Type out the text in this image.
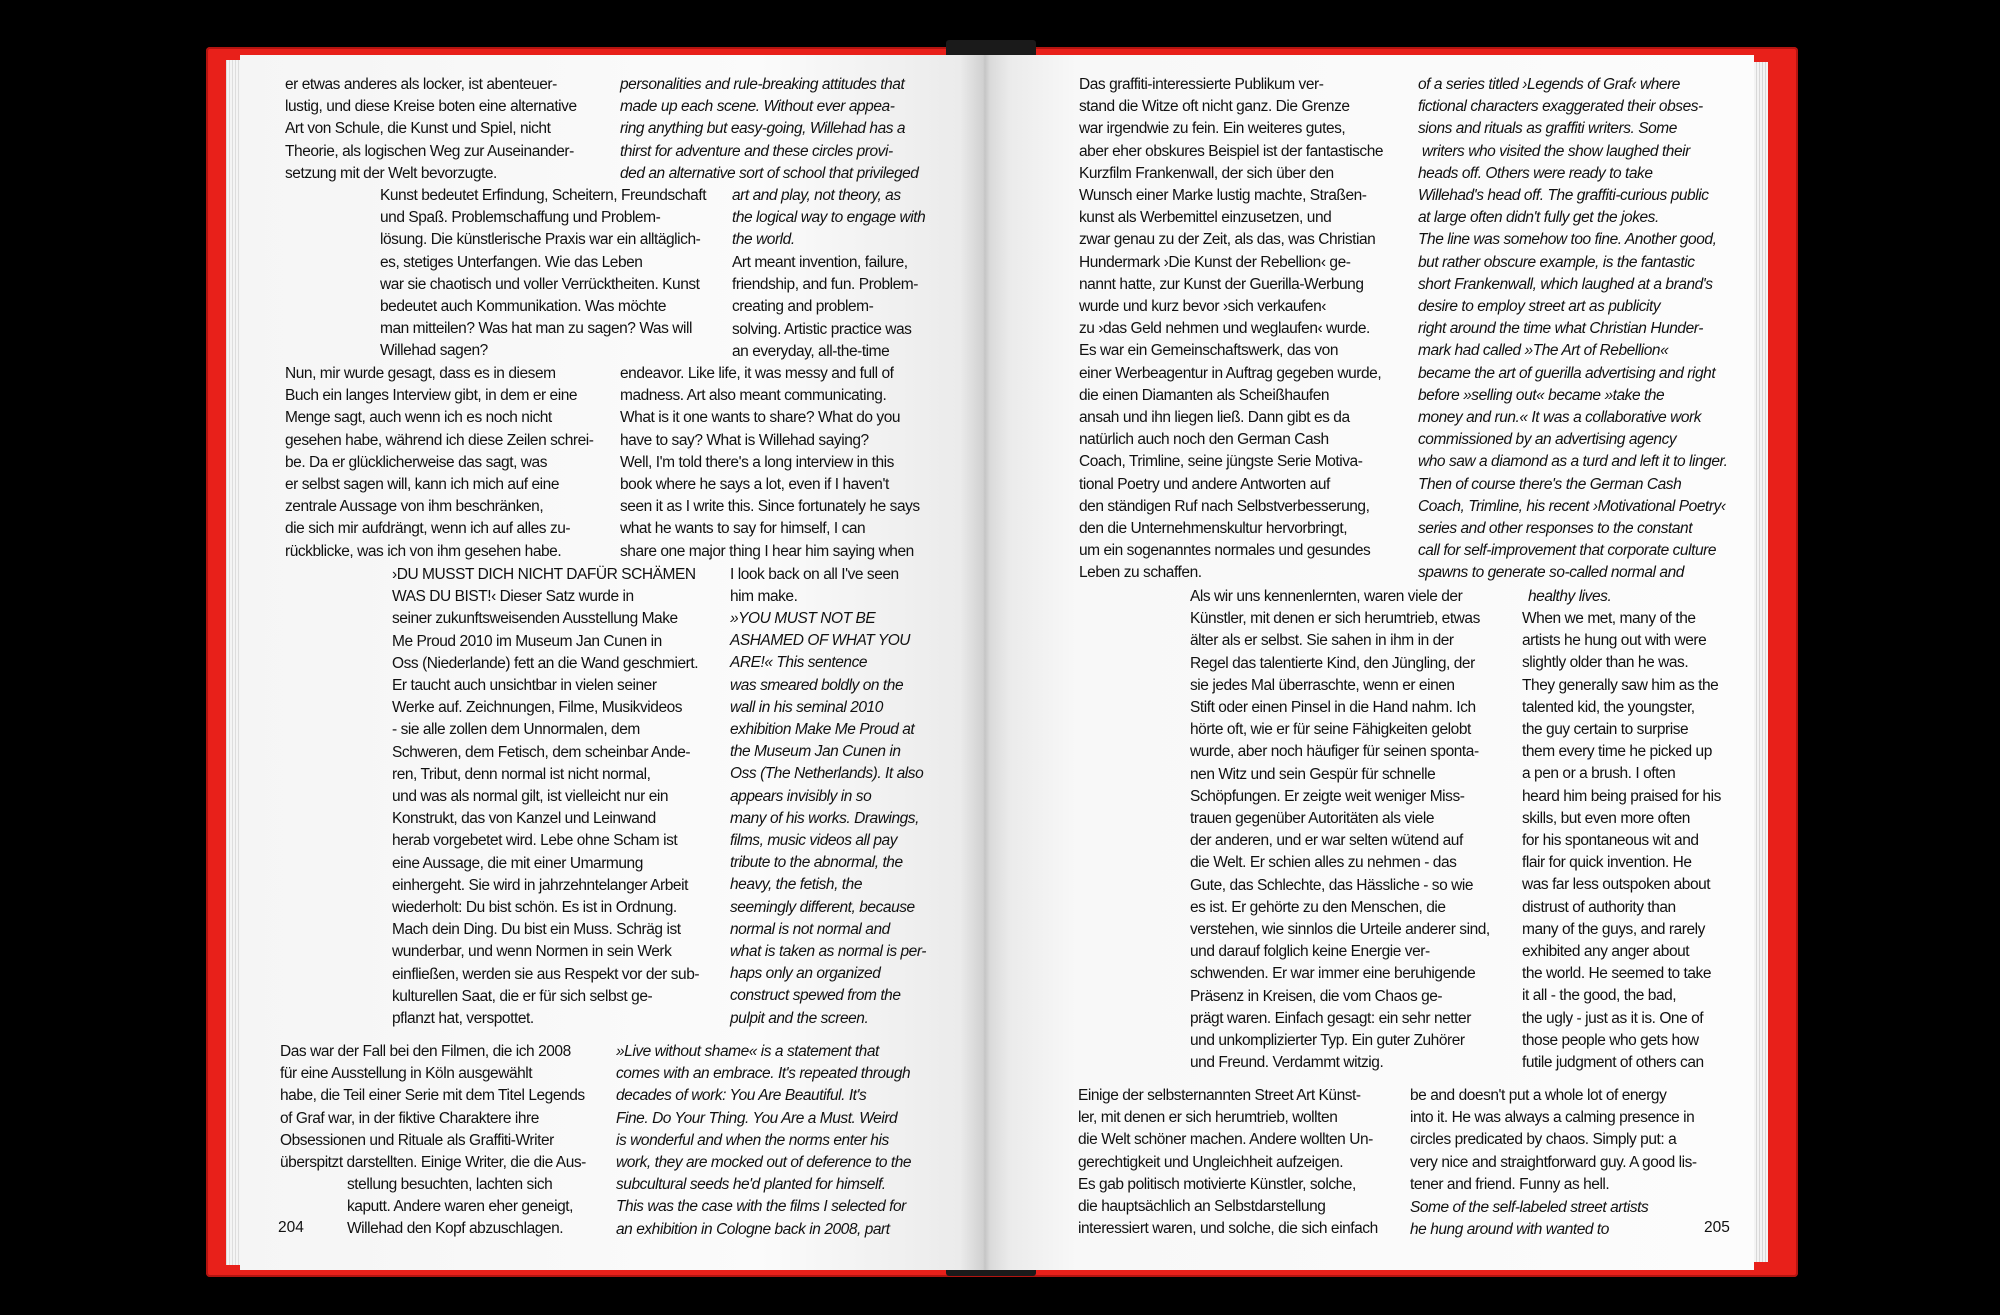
er etwas anderes als locker, ist abenteuer-
lustig, und diese Kreise boten eine alternative
Art von Schule, die Kunst und Spiel, nicht
Theorie, als logischen Weg zur Auseinander-
setzung mit der Welt bevorzugte.

Kunst bedeutet Erfindung, Scheitern, Freundschaft
und Spaß. Problemschaffung und Problem-
lösung. Die künstlerische Praxis war ein alltäglich-
es, stetiges Unterfangen. Wie das Leben
war sie chaotisch und voller Verrücktheiten. Kunst
bedeutet auch Kommunikation. Was möchte
man mitteilen? Was hat man zu sagen? Was will
Willehad sagen?

Nun, mir wurde gesagt, dass es in diesem
Buch ein langes Interview gibt, in dem er eine
Menge sagt, auch wenn ich es noch nicht
gesehen habe, während ich diese Zeilen schrei-
be. Da er glücklicherweise das sagt, was
er selbst sagen will, kann ich mich auf eine
zentrale Aussage von ihm beschränken,
die sich mir aufdrängt, wenn ich auf alles zu-
rückblicke, was ich von ihm gesehen habe.

›DU MUSST DICH NICHT DAFÜR SCHÄMEN
WAS DU BIST!‹ Dieser Satz wurde in
seiner zukunftsweisenden Ausstellung Make
Me Proud 2010 im Museum Jan Cunen in
Oss (Niederlande) fett an die Wand geschmiert.
Er taucht auch unsichtbar in vielen seiner
Werke auf. Zeichnungen, Filme, Musikvideos
- sie alle zollen dem Unnormalen, dem
Schweren, dem Fetisch, dem scheinbar Ande-
ren, Tribut, denn normal ist nicht normal,
und was als normal gilt, ist vielleicht nur ein
Konstrukt, das von Kanzel und Leinwand
herab vorgebetet wird. Lebe ohne Scham ist
eine Aussage, die mit einer Umarmung
einhergeht. Sie wird in jahrzehntelanger Arbeit
wiederholt: Du bist schön. Es ist in Ordnung.
Mach dein Ding. Du bist ein Muss. Schräg ist
wunderbar, und wenn Normen in sein Werk
einfließen, werden sie aus Respekt vor der sub-
kulturellen Saat, die er für sich selbst ge-
pflanzt hat, verspottet.

Das war der Fall bei den Filmen, die ich 2008
für eine Ausstellung in Köln ausgewählt
habe, die Teil einer Serie mit dem Titel Legends
of Graf war, in der fiktive Charaktere ihre
Obsessionen und Rituale als Graffiti-Writer
überspitzt darstellten. Einige Writer, die die Aus-

stellung besuchten, lachten sich
kaputt. Andere waren eher geneigt,
Willehad den Kopf abzuschlagen.

personalities and rule-breaking attitudes that
made up each scene. Without ever appea-
ring anything but easy-going, Willehad has a
thirst for adventure and these circles provi-
ded an alternative sort of school that privileged

art and play, not theory, as
the logical way to engage with
the world.

Art meant invention, failure,
friendship, and fun. Problem-
creating and problem-
solving. Artistic practice was
an everyday, all-the-time

endeavor. Like life, it was messy and full of
madness. Art also meant communicating.
What is it one wants to share? What do you
have to say? What is Willehad saying?
Well, I'm told there's a long interview in this
book where he says a lot, even if I haven't
seen it as I write this. Since fortunately he says
what he wants to say for himself, I can
share one major thing I hear him saying when

I look back on all I've seen
him make.

»YOU MUST NOT BE
ASHAMED OF WHAT YOU
ARE!« This sentence
was smeared boldly on the
wall in his seminal 2010
exhibition Make Me Proud at
the Museum Jan Cunen in
Oss (The Netherlands). It also
appears invisibly in so
many of his works. Drawings,
films, music videos all pay
tribute to the abnormal, the
heavy, the fetish, the
seemingly different, because
normal is not normal and
what is taken as normal is per-
haps only an organized
construct spewed from the
pulpit and the screen.

»Live without shame« is a statement that
comes with an embrace. It's repeated through
decades of work: You Are Beautiful. It's
Fine. Do Your Thing. You Are a Must. Weird
is wonderful and when the norms enter his
work, they are mocked out of deference to the
subcultural seeds he'd planted for himself.
This was the case with the films I selected for
an exhibition in Cologne back in 2008, part

204

Das graffiti-interessierte Publikum ver-
stand die Witze oft nicht ganz. Die Grenze
war irgendwie zu fein. Ein weiteres gutes,
aber eher obskures Beispiel ist der fantastische
Kurzfilm Frankenwall, der sich über den
Wunsch einer Marke lustig machte, Straßen-
kunst als Werbemittel einzusetzen, und
zwar genau zu der Zeit, als das, was Christian
Hundermark ›Die Kunst der Rebellion‹ ge-
nannt hatte, zur Kunst der Guerilla-Werbung
wurde und kurz bevor ›sich verkaufen‹
zu ›das Geld nehmen und weglaufen‹ wurde.
Es war ein Gemeinschaftswerk, das von
einer Werbeagentur in Auftrag gegeben wurde,
die einen Diamanten als Scheißhaufen
ansah und ihn liegen ließ. Dann gibt es da
natürlich auch noch den German Cash
Coach, Trimline, seine jüngste Serie Motiva-
tional Poetry und andere Antworten auf
den ständigen Ruf nach Selbstverbesserung,
den die Unternehmenskultur hervorbringt,
um ein sogenanntes normales und gesundes
Leben zu schaffen.

Als wir uns kennenlernten, waren viele der
Künstler, mit denen er sich herumtrieb, etwas
älter als er selbst. Sie sahen in ihm in der
Regel das talentierte Kind, den Jüngling, der
sie jedes Mal überraschte, wenn er einen
Stift oder einen Pinsel in die Hand nahm. Ich
hörte oft, wie er für seine Fähigkeiten gelobt
wurde, aber noch häufiger für seinen sponta-
nen Witz und sein Gespür für schnelle
Schöpfungen. Er zeigte weit weniger Miss-
trauen gegenüber Autoritäten als viele
der anderen, und er war selten wütend auf
die Welt. Er schien alles zu nehmen - das
Gute, das Schlechte, das Hässliche - so wie
es ist. Er gehörte zu den Menschen, die
verstehen, wie sinnlos die Urteile anderer sind,
und darauf folglich keine Energie ver-
schwenden. Er war immer eine beruhigende
Präsenz in Kreisen, die vom Chaos ge-
prägt waren. Einfach gesagt: ein sehr netter
und unkomplizierter Typ. Ein guter Zuhörer
und Freund. Verdammt witzig.

Einige der selbsternannten Street Art Künst-
ler, mit denen er sich herumtrieb, wollten
die Welt schöner machen. Andere wollten Un-
gerechtigkeit und Ungleichheit aufzeigen.
Es gab politisch motivierte Künstler, solche,
die hauptsächlich an Selbstdarstellung
interessiert waren, und solche, die sich einfach

of a series titled ›Legends of Graf‹ where
fictional characters exaggerated their obses-
sions and rituals as graffiti writers. Some
writers who visited the show laughed their
heads off. Others were ready to take
Willehad's head off. The graffiti-curious public
at large often didn't fully get the jokes.
The line was somehow too fine. Another good,
but rather obscure example, is the fantastic
short Frankenwall, which laughed at a brand's
desire to employ street art as publicity
right around the time what Christian Hunder-
mark had called »The Art of Rebellion«
became the art of guerilla advertising and right
before »selling out« became »take the
money and run.« It was a collaborative work
commissioned by an advertising agency
who saw a diamond as a turd and left it to linger.
Then of course there's the German Cash
Coach, Trimline, his recent ›Motivational Poetry‹
series and other responses to the constant
call for self-improvement that corporate culture
spawns to generate so-called normal and

healthy lives.

When we met, many of the
artists he hung out with were
slightly older than he was.
They generally saw him as the
talented kid, the youngster,
the guy certain to surprise
them every time he picked up
a pen or a brush. I often
heard him being praised for his
skills, but even more often
for his spontaneous wit and
flair for quick invention. He
was far less outspoken about
distrust of authority than
many of the guys, and rarely
exhibited any anger about
the world. He seemed to take
it all - the good, the bad,
the ugly - just as it is. One of
those people who gets how
futile judgment of others can

be and doesn't put a whole lot of energy
into it. He was always a calming presence in
circles predicated by chaos. Simply put: a
very nice and straightforward guy. A good lis-
tener and friend. Funny as hell.

Some of the self-labeled street artists
he hung around with wanted to	205
